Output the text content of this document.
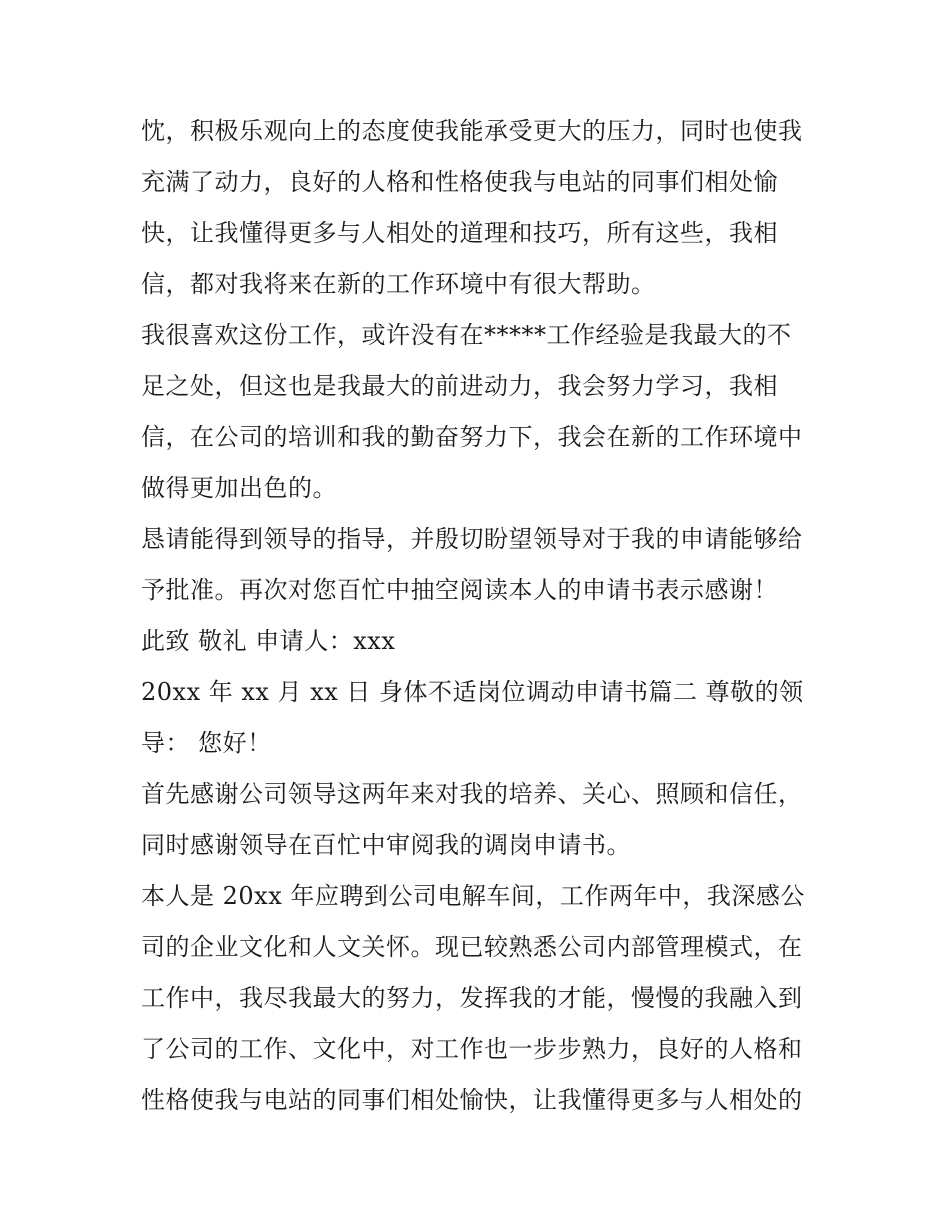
忱，积极乐观向上的态度使我能承受更大的压力，同时也使我
充满了动力，良好的人格和性格使我与电站的同事们相处愉
快，让我懂得更多与人相处的道理和技巧，所有这些，我相
信，都对我将来在新的工作环境中有很大帮助。
我很喜欢这份工作，或许没有在*****工作经验是我最大的不
足之处，但这也是我最大的前进动力，我会努力学习，我相
信，在公司的培训和我的勤奋努力下，我会在新的工作环境中
做得更加出色的。
恳请能得到领导的指导，并殷切盼望领导对于我的申请能够给
予批准。再次对您百忙中抽空阅读本人的申请书表示感谢！
此致 敬礼 申请人：xxx
20xx 年 xx 月 xx 日 身体不适岗位调动申请书篇二 尊敬的领
导： 您好！
首先感谢公司领导这两年来对我的培养、关心、照顾和信任，
同时感谢领导在百忙中审阅我的调岗申请书。
本人是 20xx 年应聘到公司电解车间，工作两年中，我深感公
司的企业文化和人文关怀。现已较熟悉公司内部管理模式，在
工作中，我尽我最大的努力，发挥我的才能，慢慢的我融入到
了公司的工作、文化中，对工作也一步步熟力，良好的人格和
性格使我与电站的同事们相处愉快，让我懂得更多与人相处的
